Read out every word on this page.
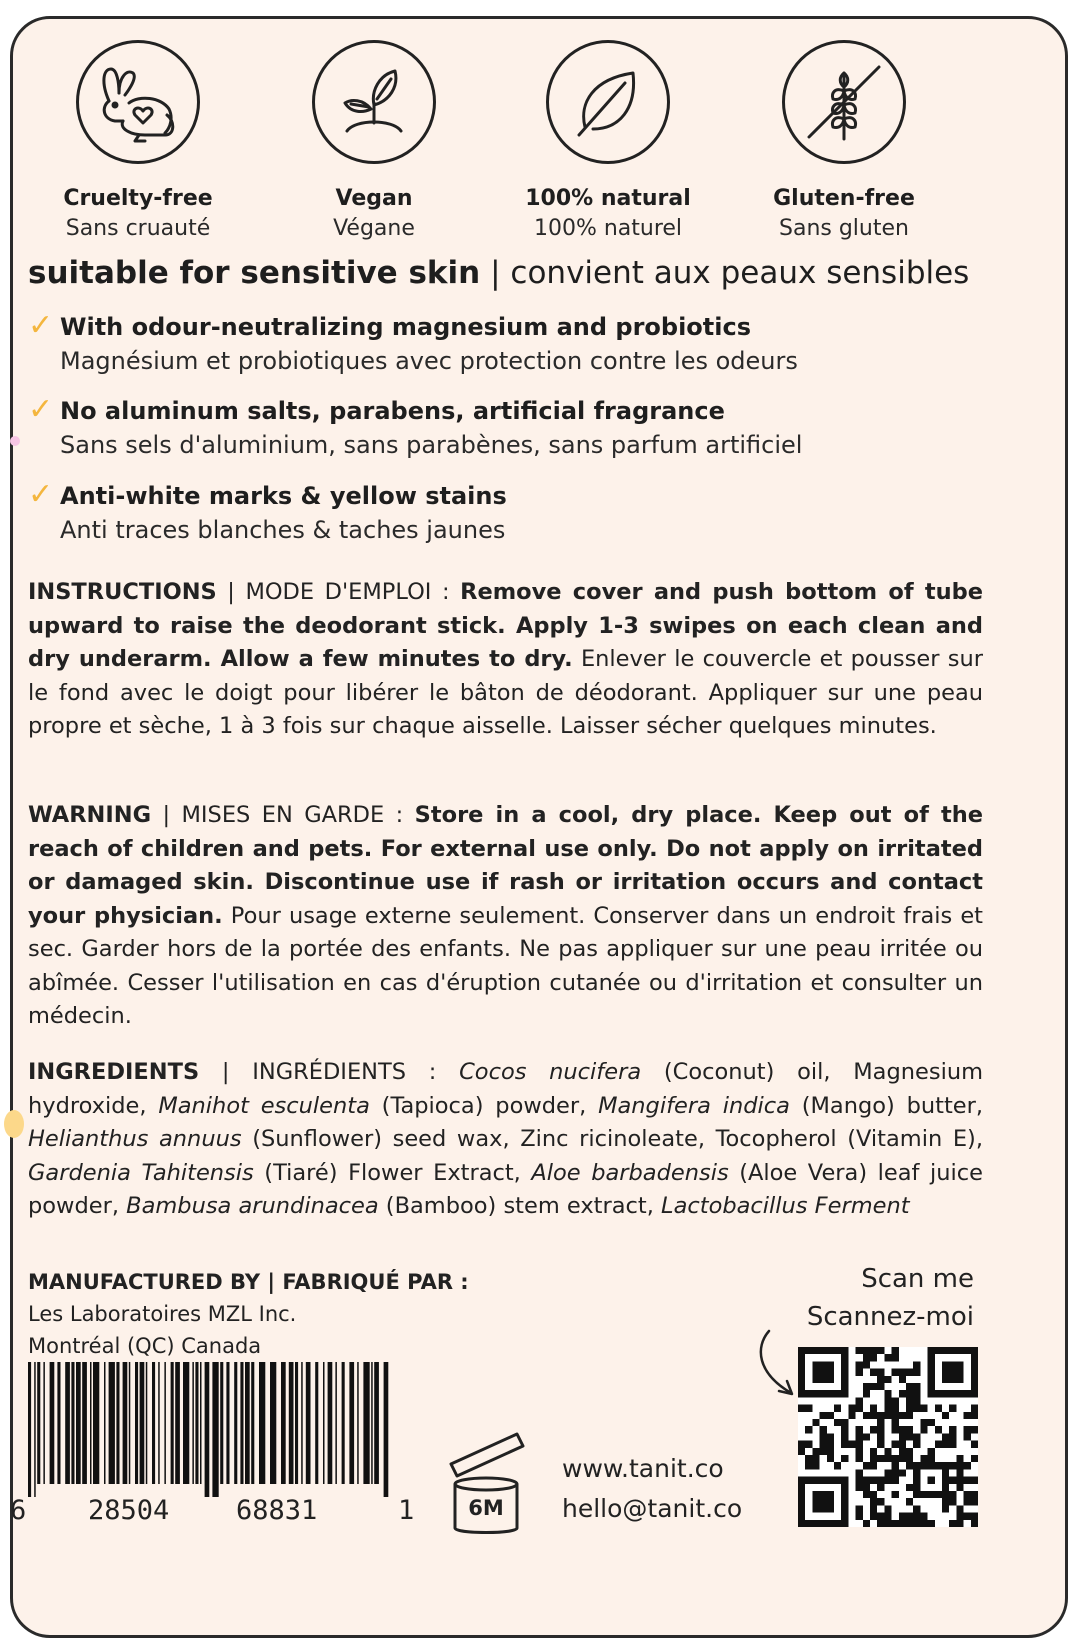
Cruelty-free
Sans cruauté
Vegan
Végane
100% natural
100% naturel
Gluten-free
Sans gluten
suitable for sensitive skin | convient aux peaux sensibles
✓ With odour-neutralizing magnesium and probiotics
Magnésium et probiotiques avec protection contre les odeurs
✓ No aluminum salts, parabens, artificial fragrance
Sans sels d'aluminium, sans parabènes, sans parfum artificiel
✓ Anti-white marks & yellow stains
Anti traces blanches & taches jaunes
INSTRUCTIONS | MODE D'EMPLOI : Remove cover and push bottom of tube upward to raise the deodorant stick. Apply 1-3 swipes on each clean and dry underarm. Allow a few minutes to dry. Enlever le couvercle et pousser sur le fond avec le doigt pour libérer le bâton de déodorant. Appliquer sur une peau propre et sèche, 1 à 3 fois sur chaque aisselle. Laisser sécher quelques minutes.
WARNING | MISES EN GARDE : Store in a cool, dry place. Keep out of the reach of children and pets. For external use only. Do not apply on irritated or damaged skin. Discontinue use if rash or irritation occurs and contact your physician. Pour usage externe seulement. Conserver dans un endroit frais et sec. Garder hors de la portée des enfants. Ne pas appliquer sur une peau irritée ou abîmée. Cesser l'utilisation en cas d'éruption cutanée ou d'irritation et consulter un médecin.
INGREDIENTS | INGRÉDIENTS : Cocos nucifera (Coconut) oil, Magnesium hydroxide, Manihot esculenta (Tapioca) powder, Mangifera indica (Mango) butter, Helianthus annuus (Sunflower) seed wax, Zinc ricinoleate, Tocopherol (Vitamin E), Gardenia Tahitensis (Tiaré) Flower Extract, Aloe barbadensis (Aloe Vera) leaf juice powder, Bambusa arundinacea (Bamboo) stem extract, Lactobacillus Ferment
MANUFACTURED BY | FABRIQUÉ PAR :
Les Laboratoires MZL Inc.
Montréal (QC) Canada
Scan me
Scannez-moi
6 28504 68831	1	6M
www.tanit.co
hello@tanit.co
